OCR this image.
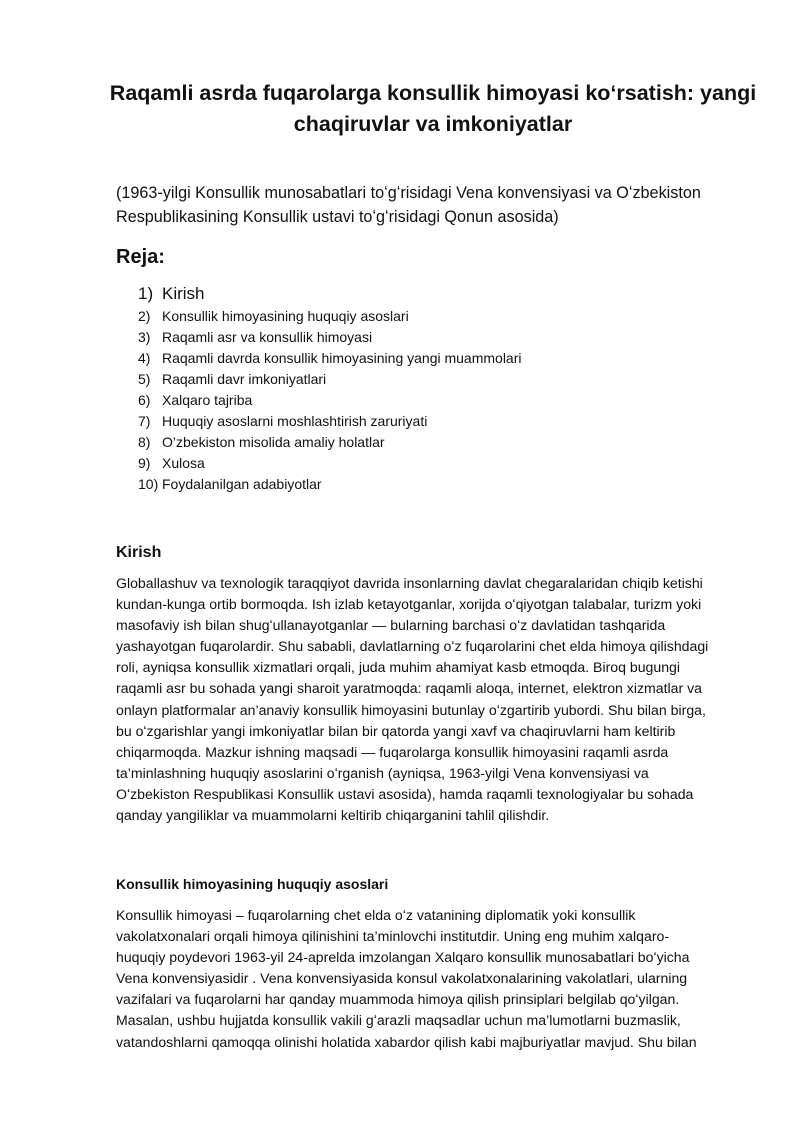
Raqamli asrda fuqarolarga konsullik himoyasi koʻrsatish: yangi
chaqiruvlar va imkoniyatlar

(1963-yilgi Konsullik munosabatlari toʻgʻrisidagi Vena konvensiyasi va Oʻzbekiston
Respublikasining Konsullik ustavi toʻgʻrisidagi Qonun asosida)

Reja:
1) Kirish
2) Konsullik himoyasining huquqiy asoslari
3) Raqamli asr va konsullik himoyasi
4) Raqamli davrda konsullik himoyasining yangi muammolari
5) Raqamli davr imkoniyatlari
6) Xalqaro tajriba
7) Huquqiy asoslarni moshlashtirish zaruriyati
8) O’zbekiston misolida amaliy holatlar
9) Xulosa
10) Foydalanilgan adabiyotlar
Kirish

Globallashuv va texnologik taraqqiyot davrida insonlarning davlat chegaralaridan chiqib ketishi
kundan-kunga ortib bormoqda. Ish izlab ketayotganlar, xorijda oʻqiyotgan talabalar, turizm yoki
masofaviy ish bilan shugʻullanayotganlar — bularning barchasi oʻz davlatidan tashqarida
yashayotgan fuqarolardir. Shu sababli, davlatlarning oʻz fuqarolarini chet elda himoya qilishdagi
roli, ayniqsa konsullik xizmatlari orqali, juda muhim ahamiyat kasb etmoqda. Biroq bugungi
raqamli asr bu sohada yangi sharoit yaratmoqda: raqamli aloqa, internet, elektron xizmatlar va
onlayn platformalar an’anaviy konsullik himoyasini butunlay oʻzgartirib yubordi. Shu bilan birga,
bu oʻzgarishlar yangi imkoniyatlar bilan bir qatorda yangi xavf va chaqiruvlarni ham keltirib
chiqarmoqda. Mazkur ishning maqsadi — fuqarolarga konsullik himoyasini raqamli asrda
ta’minlashning huquqiy asoslarini oʻrganish (ayniqsa, 1963-yilgi Vena konvensiyasi va
Oʻzbekiston Respublikasi Konsullik ustavi asosida), hamda raqamli texnologiyalar bu sohada
qanday yangiliklar va muammolarni keltirib chiqarganini tahlil qilishdir.

Konsullik himoyasining huquqiy asoslari

Konsullik himoyasi – fuqarolarning chet elda oʻz vatanining diplomatik yoki konsullik
vakolatxonalari orqali himoya qilinishini ta’minlovchi institutdir. Uning eng muhim xalqaro-
huquqiy poydevori 1963-yil 24-aprelda imzolangan Xalqaro konsullik munosabatlari boʻyicha
Vena konvensiyasidir . Vena konvensiyasida konsul vakolatxonalarining vakolatlari, ularning
vazifalari va fuqarolarni har qanday muammoda himoya qilish prinsiplari belgilab qoʻyilgan.
Masalan, ushbu hujjatda konsullik vakili gʻarazli maqsadlar uchun ma’lumotlarni buzmaslik,
vatandoshlarni qamoqqa olinishi holatida xabardor qilish kabi majburiyatlar mavjud. Shu bilan
